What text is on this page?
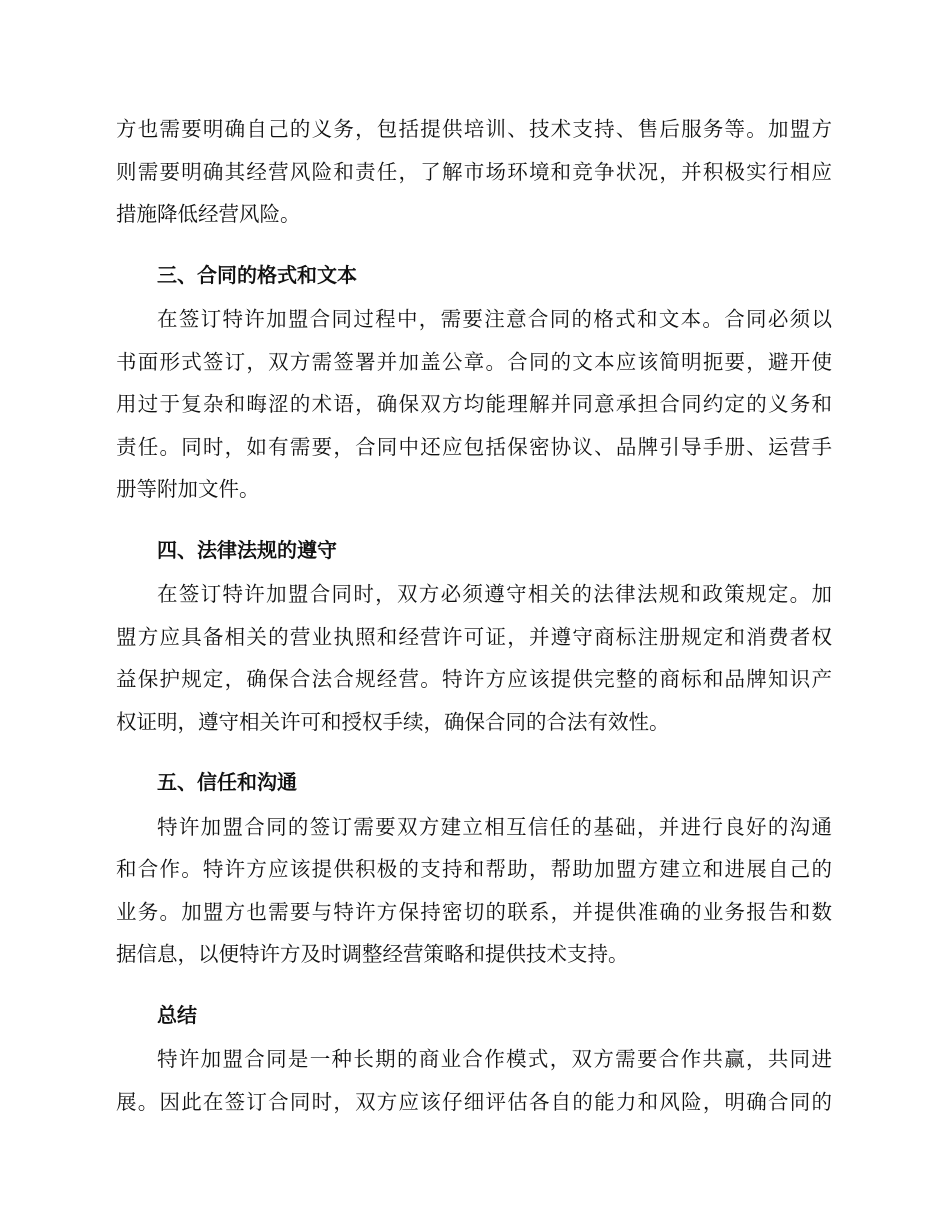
方也需要明确自己的义务，包括提供培训、技术支持、售后服务等。加盟方
则需要明确其经营风险和责任，了解市场环境和竞争状况，并积极实行相应
措施降低经营风险。
三、合同的格式和文本
在签订特许加盟合同过程中，需要注意合同的格式和文本。合同必须以
书面形式签订，双方需签署并加盖公章。合同的文本应该简明扼要，避开使
用过于复杂和晦涩的术语，确保双方均能理解并同意承担合同约定的义务和
责任。同时，如有需要，合同中还应包括保密协议、品牌引导手册、运营手
册等附加文件。
四、法律法规的遵守
在签订特许加盟合同时，双方必须遵守相关的法律法规和政策规定。加
盟方应具备相关的营业执照和经营许可证，并遵守商标注册规定和消费者权
益保护规定，确保合法合规经营。特许方应该提供完整的商标和品牌知识产
权证明，遵守相关许可和授权手续，确保合同的合法有效性。
五、信任和沟通
特许加盟合同的签订需要双方建立相互信任的基础，并进行良好的沟通
和合作。特许方应该提供积极的支持和帮助，帮助加盟方建立和进展自己的
业务。加盟方也需要与特许方保持密切的联系，并提供准确的业务报告和数
据信息，以便特许方及时调整经营策略和提供技术支持。
总结
特许加盟合同是一种长期的商业合作模式，双方需要合作共赢，共同进
展。因此在签订合同时，双方应该仔细评估各自的能力和风险，明确合同的
